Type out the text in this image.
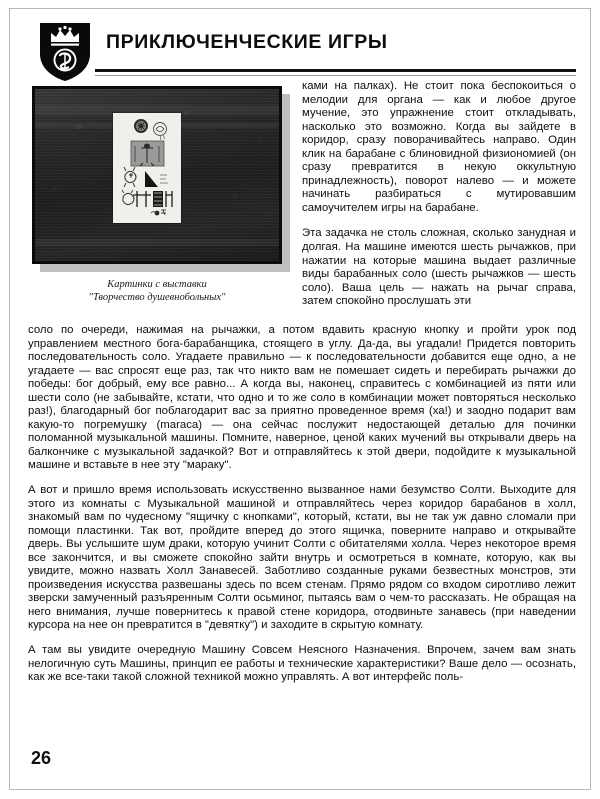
ПРИКЛЮЧЕНЧЕСКИЕ ИГРЫ
Картинки с выставки
"Творчество душевнобольных"

ками на палках). Не стоит пока беспокоиться о мелодии для органа — как и любое другое мучение, это упражнение стоит откладывать, насколько это возможно. Когда вы зайдете в коридор, сразу поворачивайтесь направо. Один клик на барабане с блиновидной физиономией (он сразу превратится в некую оккультную принадлежность), поворот налево — и можете начинать разбираться с мутировавшим самоучителем игры на барабане.

Эта задачка не столь сложная, сколько занудная и долгая. На машине имеются шесть рычажков, при нажатии на которые машина выдает различные виды барабанных соло (шесть рычажков — шесть соло). Ваша цель — нажать на рычаг справа, затем спокойно прослушать эти

соло по очереди, нажимая на рычажки, а потом вдавить красную кнопку и пройти урок под управлением местного бога-барабанщика, стоящего в углу. Да-да, вы угадали! Придется повторить последовательность соло. Угадаете правильно — к последовательности добавится еще одно, а не угадаете — вас спросят еще раз, так что никто вам не помешает сидеть и перебирать рычажки до победы: бог добрый, ему все равно... А когда вы, наконец, справитесь с комбинацией из пяти или шести соло (не забывайте, кстати, что одно и то же соло в комбинации может повторяться несколько раз!), благодарный бог поблагодарит вас за приятно проведенное время (ха!) и заодно подарит вам какую-то погремушку (maraca) — она сейчас послужит недостающей деталью для починки поломанной музыкальной машины. Помните, наверное, ценой каких мучений вы открывали дверь на балкончике с музыкальной задачкой? Вот и отправляйтесь к этой двери, подойдите к музыкальной машине и вставьте в нее эту "мараку".

А вот и пришло время использовать искусственно вызванное нами безумство Солти. Выходите для этого из комнаты с Музыкальной машиной и отправляйтесь через коридор барабанов в холл, знакомый вам по чудесному "ящичку с кнопками", который, кстати, вы не так уж давно сломали при помощи пластинки. Так вот, пройдите вперед до этого ящичка, поверните направо и открывайте дверь. Вы услышите шум драки, которую учинит Солти с обитателями холла. Через некоторое время все закончится, и вы сможете спокойно зайти внутрь и осмотреться в комнате, которую, как вы увидите, можно назвать Холл Занавесей. Заботливо созданные руками безвестных монстров, эти произведения искусства развешаны здесь по всем стенам. Прямо рядом со входом сиротливо лежит зверски замученный разъяренным Солти осьминог, пытаясь вам о чем-то рассказать. Не обращая на него внимания, лучше повернитесь к правой стене коридора, отодвиньте занавесь (при наведении курсора на нее он превратится в "девятку") и заходите в скрытую комнату.

А там вы увидите очередную Машину Совсем Неясного Назначения. Впрочем, зачем вам знать нелогичную суть Машины, принцип ее работы и технические характеристики? Ваше дело — осознать, как же все-таки такой сложной техникой можно управлять. А вот интерфейс поль-

26
